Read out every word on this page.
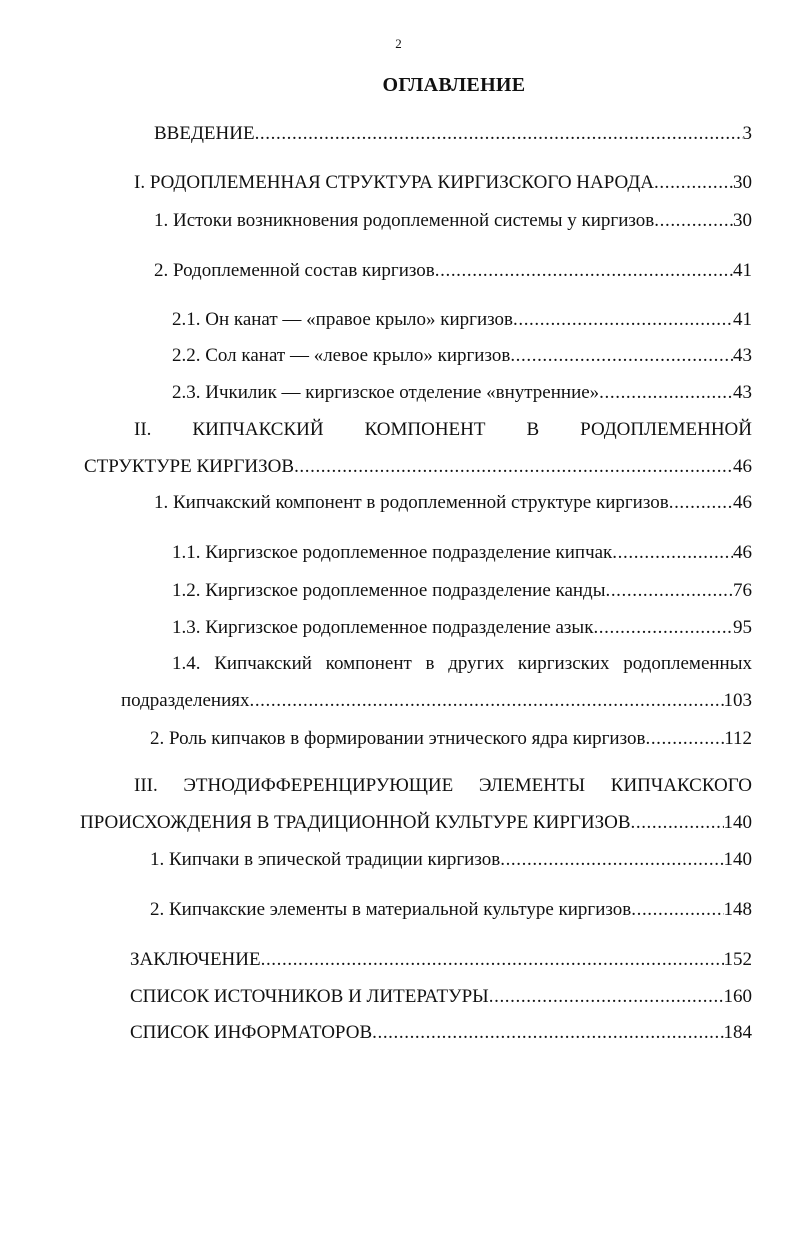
2
ОГЛАВЛЕНИЕ
ВВЕДЕНИЕ .....	3
I. РОДОПЛЕМЕННАЯ СТРУКТУРА КИРГИЗСКОГО НАРОДА .....	30
1. Истоки возникновения родоплеменной системы у киргизов .....	30
2. Родоплеменной состав киргизов .....	41
2.1. Он канат — «правое крыло» киргизов .....	41
2.2. Сол канат — «левое крыло» киргизов .....	43
2.3. Ичкилик — киргизское отделение «внутренние» .....	43
II. КИПЧАКСКИЙ КОМПОНЕНТ В РОДОПЛЕМЕННОЙ
СТРУКТУРЕ КИРГИЗОВ .....	46
1. Кипчакский компонент в родоплеменной структуре киргизов .....	46
1.1. Киргизское родоплеменное подразделение кипчак .....	46
1.2. Киргизское родоплеменное подразделение канды .....	76
1.3. Киргизское родоплеменное подразделение азык .....	95
1.4. Кипчакский компонент в других киргизских родоплеменных
подразделениях .....	103
2. Роль кипчаков в формировании этнического ядра киргизов .....	112
III. ЭТНОДИФФЕРЕНЦИРУЮЩИЕ ЭЛЕМЕНТЫ КИПЧАКСКОГО
ПРОИСХОЖДЕНИЯ В ТРАДИЦИОННОЙ КУЛЬТУРЕ КИРГИЗОВ .....	140
1. Кипчаки в эпической традиции киргизов .....	140
2. Кипчакские элементы в материальной культуре киргизов .....	148
ЗАКЛЮЧЕНИЕ .....	152
СПИСОК ИСТОЧНИКОВ И ЛИТЕРАТУРЫ .....	160
СПИСОК ИНФОРМАТОРОВ .....	184
